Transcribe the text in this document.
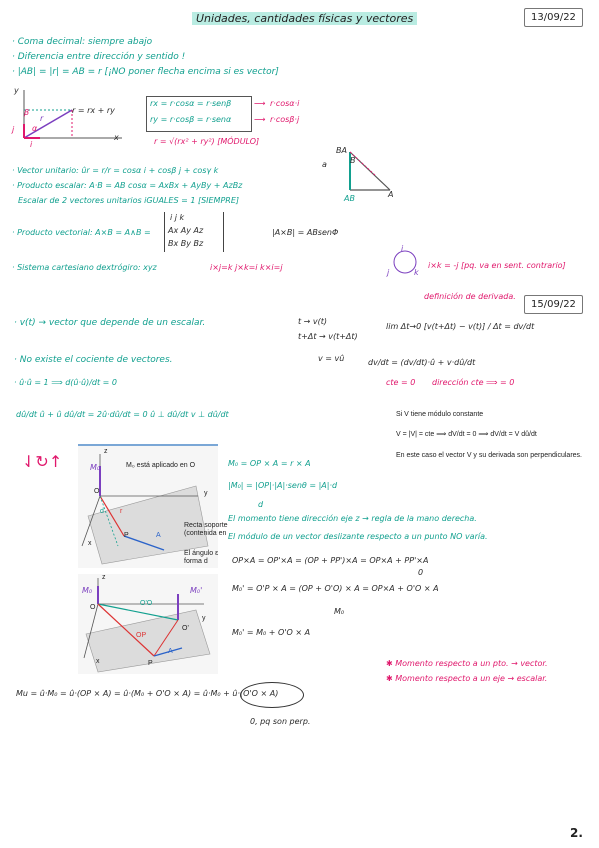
Unidades, cantidades físicas y vectores	13/09/22
· Coma decimal: siempre abajo
· Diferencia entre dirección y sentido !
· |AB| = |r| = AB = r [¡NO poner flecha encima si es vector]
y
x
j
i
r
α
β	r = rx + ry
rx = r·cosα = r·senβ
ry = r·cosβ = r·senα
⟶
⟶
r·cosα·i
r·cosβ·j
r = √(rx² + ry²) [MÓDULO]
BA
a
A
AB
B
· Vector unitario: ûr = r/r = cosα i + cosβ j + cosγ k
· Producto escalar: A·B = AB cosα = AxBx + AyBy + AzBz
Escalar de 2 vectores unitarios iGUALES = 1 [SIEMPRE]
· Producto vectorial: A×B = A∧B =
i j k
Ax Ay Az
Bx By Bz
|A×B| = ABsenΦ
· Sistema cartesiano dextrógiro: xyz	i×j=k j×k=i k×i=j
i
j	k
i×k = -j [pq. va en sent. contrario]
15/09/22
definición de derivada.
· v(t) → vector que depende de un escalar.	t → v(t)
t+Δt → v(t+Δt)
lim Δt→0 [v(t+Δt) − v(t)] / Δt = dv/dt
· No existe el cociente de vectores.	v = vû	dv/dt = (dv/dt)·û + v·dû/dt
· û·û = 1 ⟹ d(û·û)/dt = 0	cte = 0 dirección cte ⟹ = 0
dû/dt û + û dû/dt = 2û·dû/dt = 0 û ⊥ dû/dt v ⊥ dû/dt	Si V tiene módulo constante
V = |V| = cte ⟹ dV/dt = 0 ⟹ dV/dt = V dû/dt
En este caso el vector V y su derivada son perpendiculares.
⇃↻↑	M₀	M₀ está aplicado en O
z
y
x
O
P	A
r
d
Recta soporte
(contenida en
El ángulo ε
forma d
M₀ = OP × A = r × A
|M₀| = |OP|·|A|·senθ = |A|·d
d
El momento tiene dirección eje z → regla de la mano derecha.
El módulo de un vector deslizante respecto a un punto NO varía.
OP×A = OP'×A = (OP + PP')×A = OP×A + PP'×A
0
M₀' = O'P × A = (OP + O'O) × A = OP×A + O'O × A
M₀
M₀' = M₀ + O'O × A
M₀	M₀'
z
y
x
O
O'
P
A
O'O
OP
✱ Momento respecto a un pto. → vector.
✱ Momento respecto a un eje → escalar.
Mu = û·M₀ = û·(OP × A) = û·(M₀ + O'O × A) = û·M₀ + û·(O'O × A)
0, pq son perp.
2.
